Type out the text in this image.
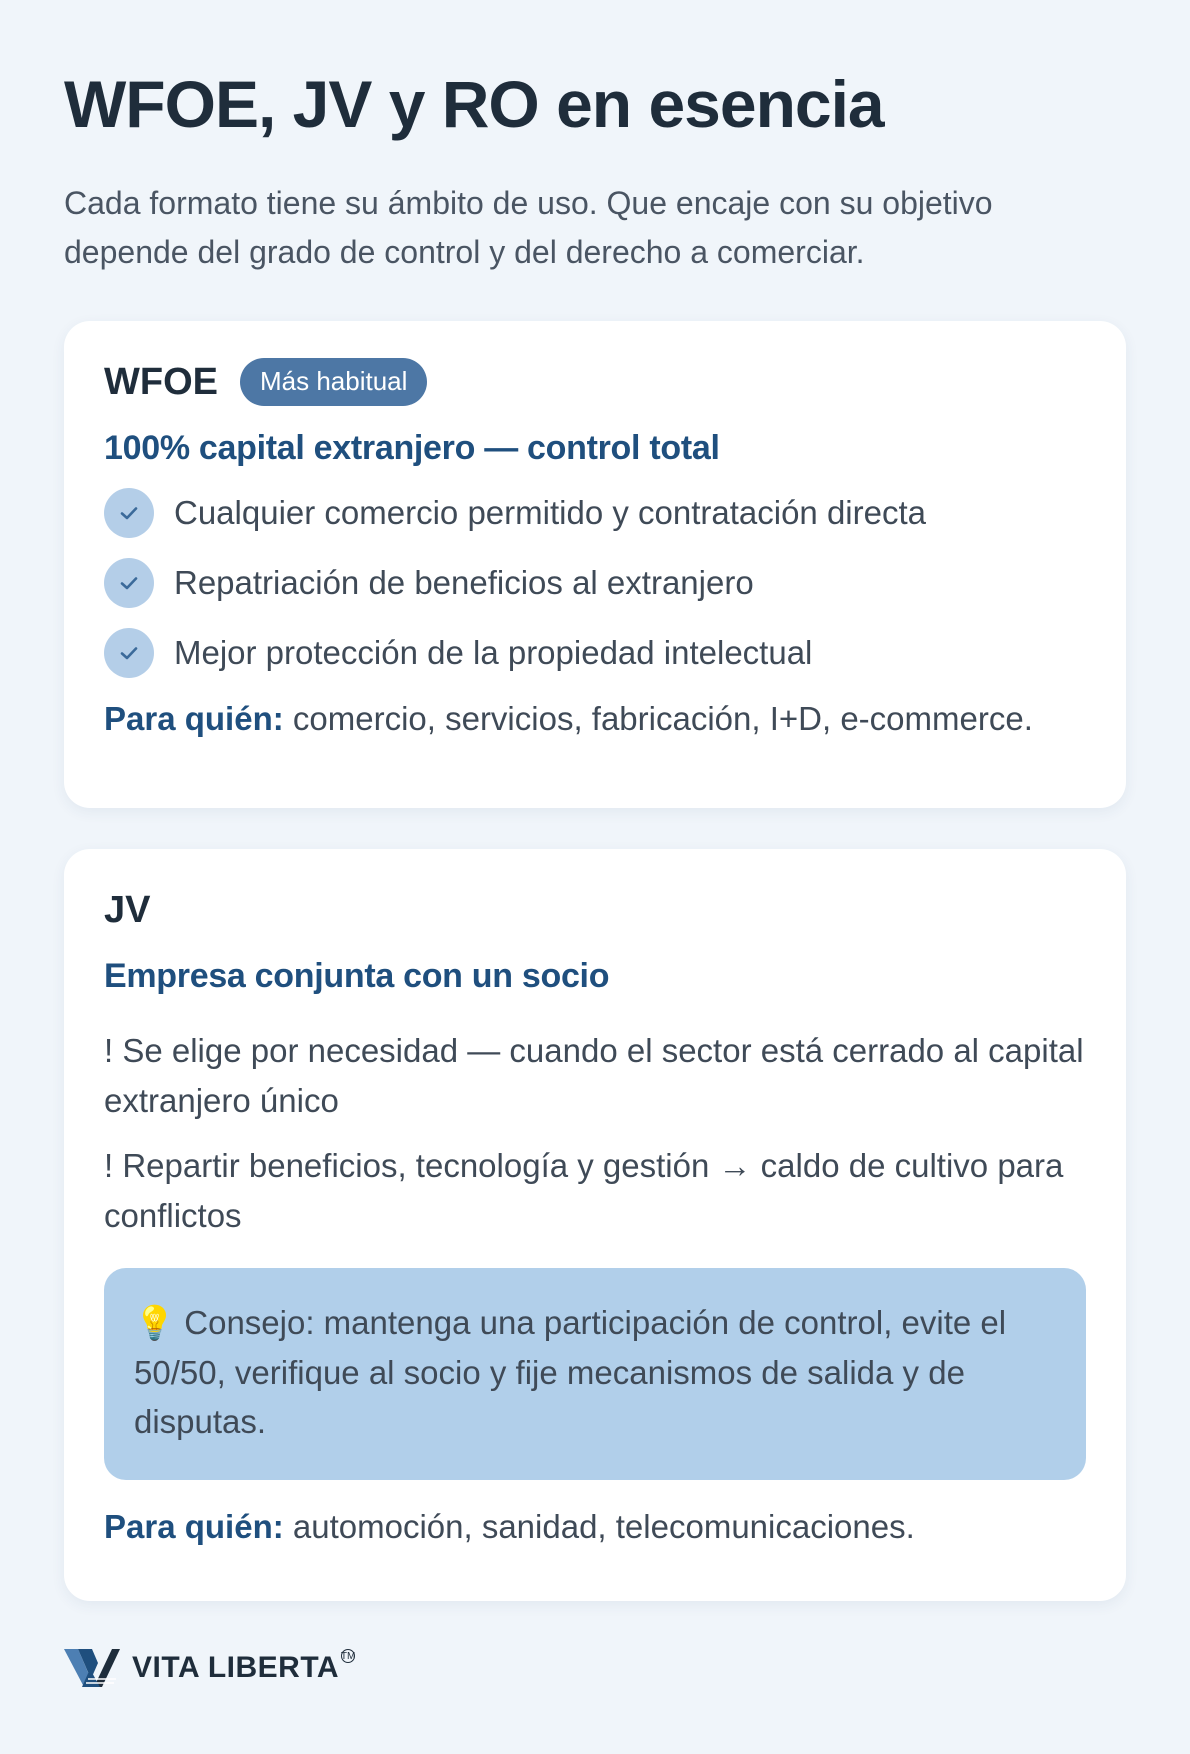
WFOE, JV y RO en esencia

Cada formato tiene su ámbito de uso. Que encaje con su objetivo depende del grado de control y del derecho a comerciar.

WFOE	Más habitual
100% capital extranjero — control total
Cualquier comercio permitido y contratación directa
Repatriación de beneficios al extranjero
Mejor protección de la propiedad intelectual

Para quién: comercio, servicios, fabricación, I+D, e-commerce.

JV
Empresa conjunta con un socio

! Se elige por necesidad — cuando el sector está cerrado al capital extranjero único

! Repartir beneficios, tecnología y gestión → caldo de cultivo para conflictos

💡 Consejo: mantenga una participación de control, evite el 50/50, verifique al socio y fije mecanismos de salida y de disputas.

Para quién: automoción, sanidad, telecomunicaciones.

VITA LIBERTA TM
